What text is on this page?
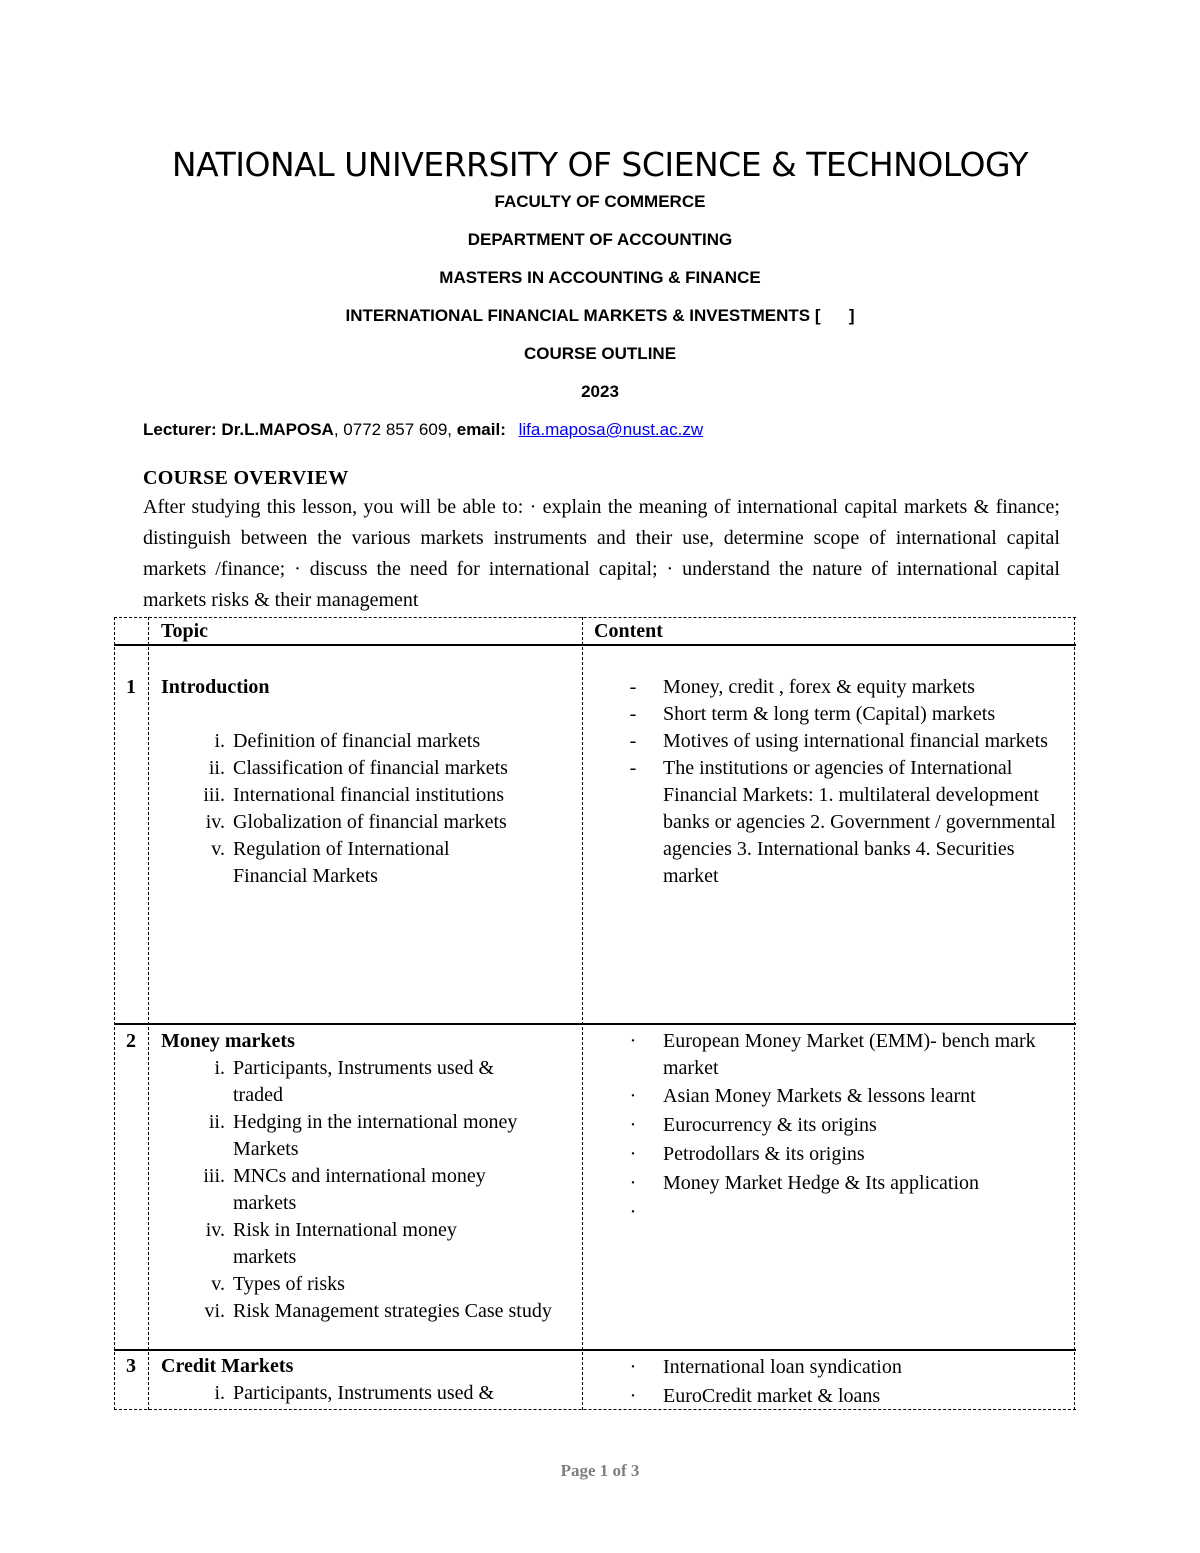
NATIONAL UNIVERRSITY OF SCIENCE & TECHNOLOGY
FACULTY OF COMMERCE
DEPARTMENT OF ACCOUNTING
MASTERS IN ACCOUNTING & FINANCE
INTERNATIONAL FINANCIAL MARKETS & INVESTMENTS [      ]
COURSE OUTLINE
2023
Lecturer: Dr.L.MAPOSA, 0772 857 609, email: lifa.maposa@nust.ac.zw
COURSE OVERVIEW
After studying this lesson, you will be able to: · explain the meaning of international capital markets & finance; distinguish between the various markets instruments and their use, determine scope of international capital markets /finance; · discuss the need for international capital; · understand the nature of international capital markets risks & their management
Topic	Content
1	Introduction
i. Definition of financial markets
ii. Classification of financial markets
iii. International financial institutions
iv. Globalization of financial markets
v. Regulation of International Financial Markets
-	Money, credit , forex & equity markets
-	Short term & long term (Capital) markets
-	Motives of using international financial markets
-	The institutions or agencies of International Financial Markets: 1. multilateral development banks or agencies 2. Government / governmental agencies 3. International banks 4. Securities market
2	Money markets
i. Participants, Instruments used & traded
ii. Hedging in the international money Markets
iii. MNCs and international money markets
iv. Risk in International money markets
v. Types of risks
vi. Risk Management strategies Case study
·	European Money Market (EMM)- bench mark market
·	Asian Money Markets & lessons learnt
·	Eurocurrency & its origins
·	Petrodollars & its origins
·	Money Market Hedge & Its application
·

3	Credit Markets
i. Participants, Instruments used &
·	International loan syndication
·	EuroCredit market & loans
Page 1 of 3
